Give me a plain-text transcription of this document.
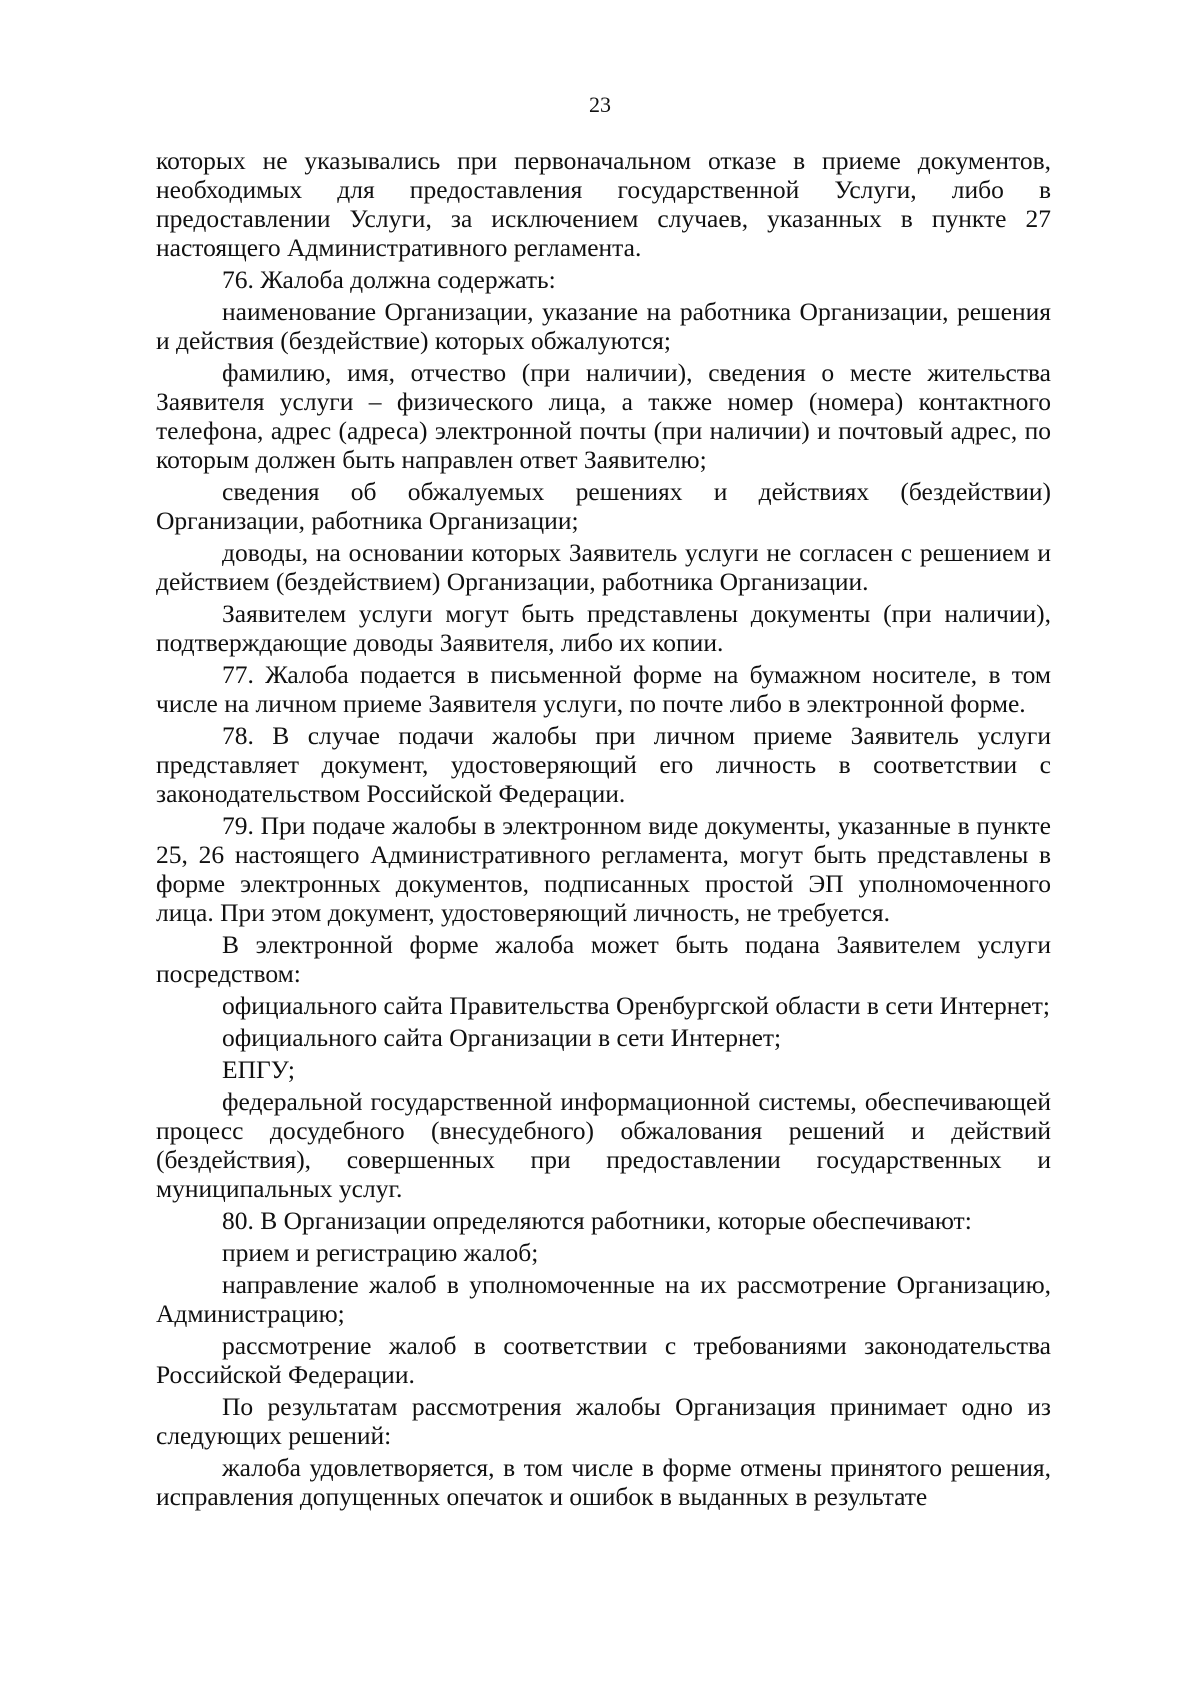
23

которых не указывались при первоначальном отказе в приеме документов, необходимых для предоставления государственной Услуги, либо в предоставлении Услуги, за исключением случаев, указанных в пункте 27 настоящего Административного регламента.

76. Жалоба должна содержать:

наименование Организации, указание на работника Организации, решения и действия (бездействие) которых обжалуются;

фамилию, имя, отчество (при наличии), сведения о месте жительства Заявителя услуги – физического лица, а также номер (номера) контактного телефона, адрес (адреса) электронной почты (при наличии) и почтовый адрес, по которым должен быть направлен ответ Заявителю;

сведения об обжалуемых решениях и действиях (бездействии) Организации, работника Организации;

доводы, на основании которых Заявитель услуги не согласен с решением и действием (бездействием) Организации, работника Организации.

Заявителем услуги могут быть представлены документы (при наличии), подтверждающие доводы Заявителя, либо их копии.

77. Жалоба подается в письменной форме на бумажном носителе, в том числе на личном приеме Заявителя услуги, по почте либо в электронной форме.

78. В случае подачи жалобы при личном приеме Заявитель услуги представляет документ, удостоверяющий его личность в соответствии с законодательством Российской Федерации.

79. При подаче жалобы в электронном виде документы, указанные в пункте 25, 26 настоящего Административного регламента, могут быть представлены в форме электронных документов, подписанных простой ЭП уполномоченного лица. При этом документ, удостоверяющий личность, не требуется.

В электронной форме жалоба может быть подана Заявителем услуги посредством:

официального сайта Правительства Оренбургской области в сети Интернет;

официального сайта Организации в сети Интернет;

ЕПГУ;

федеральной государственной информационной системы, обеспечивающей процесс досудебного (внесудебного) обжалования решений и действий (бездействия), совершенных при предоставлении государственных и муниципальных услуг.

80. В Организации определяются работники, которые обеспечивают:

прием и регистрацию жалоб;

направление жалоб в уполномоченные на их рассмотрение Организацию, Администрацию;

рассмотрение жалоб в соответствии с требованиями законодательства Российской Федерации.

По результатам рассмотрения жалобы Организация принимает одно из следующих решений:

жалоба удовлетворяется, в том числе в форме отмены принятого решения, исправления допущенных опечаток и ошибок в выданных в результате
